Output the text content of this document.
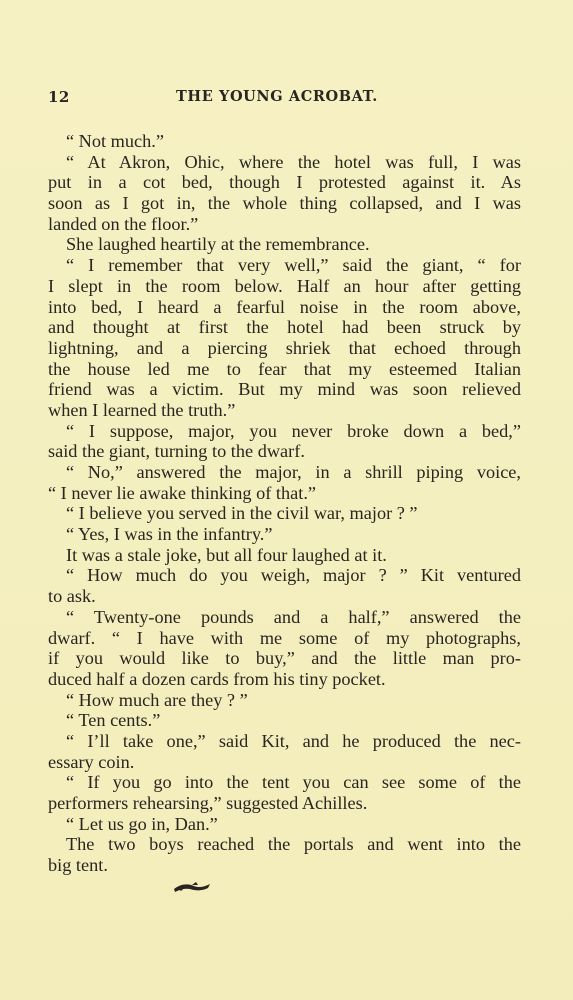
12	THE YOUNG ACROBAT.
“ Not much.”
“ At Akron, Ohic, where the hotel was full, I was
put in a cot bed, though I protested against it. As
soon as I got in, the whole thing collapsed, and I was
landed on the floor.”
She laughed heartily at the remembrance.
“ I remember that very well,” said the giant, “ for
I slept in the room below. Half an hour after getting
into bed, I heard a fearful noise in the room above,
and thought at first the hotel had been struck by
lightning, and a piercing shriek that echoed through
the house led me to fear that my esteemed Italian
friend was a victim. But my mind was soon relieved
when I learned the truth.”
“ I suppose, major, you never broke down a bed,”
said the giant, turning to the dwarf.
“ No,” answered the major, in a shrill piping voice,
“ I never lie awake thinking of that.”
“ I believe you served in the civil war, major ? ”
“ Yes, I was in the infantry.”
It was a stale joke, but all four laughed at it.
“ How much do you weigh, major ? ” Kit ventured
to ask.
“ Twenty-one pounds and a half,” answered the
dwarf. “ I have with me some of my photographs,
if you would like to buy,” and the little man pro-
duced half a dozen cards from his tiny pocket.
“ How much are they ? ”
“ Ten cents.”
“ I’ll take one,” said Kit, and he produced the nec-
essary coin.
“ If you go into the tent you can see some of the
performers rehearsing,” suggested Achilles.
“ Let us go in, Dan.”
The two boys reached the portals and went into the
big tent.
